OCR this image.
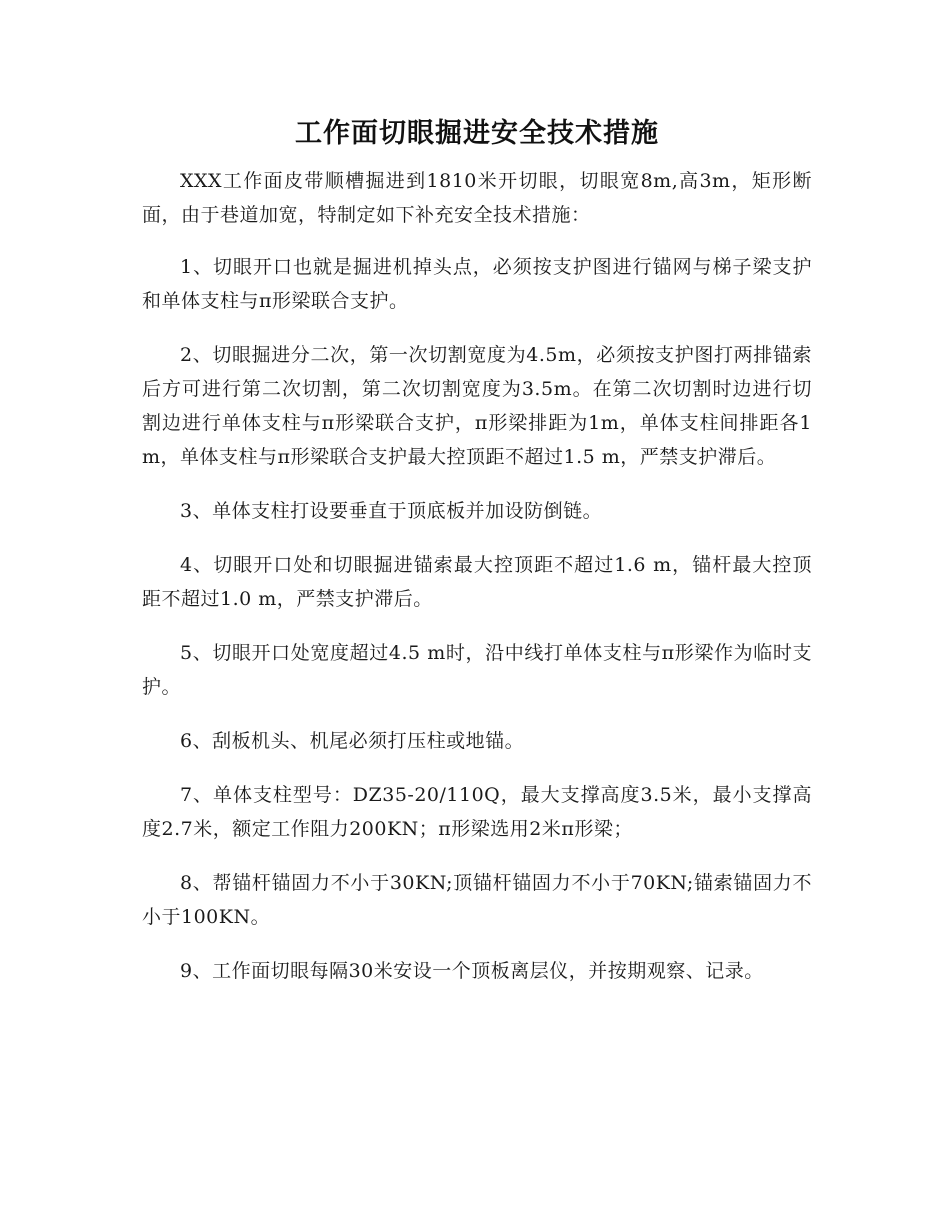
工作面切眼掘进安全技术措施

XXX工作面皮带顺槽掘进到1810米开切眼，切眼宽8m,高3m，矩形断面，由于巷道加宽，特制定如下补充安全技术措施：

1、切眼开口也就是掘进机掉头点，必须按支护图进行锚网与梯子梁支护和单体支柱与π形梁联合支护。

2、切眼掘进分二次，第一次切割宽度为4.5m，必须按支护图打两排锚索后方可进行第二次切割，第二次切割宽度为3.5m。在第二次切割时边进行切割边进行单体支柱与π形梁联合支护，π形梁排距为1m，单体支柱间排距各1 m，单体支柱与π形梁联合支护最大控顶距不超过1.5 m，严禁支护滞后。

3、单体支柱打设要垂直于顶底板并加设防倒链。

4、切眼开口处和切眼掘进锚索最大控顶距不超过1.6 m，锚杆最大控顶距不超过1.0 m，严禁支护滞后。

5、切眼开口处宽度超过4.5 m时，沿中线打单体支柱与π形梁作为临时支护。

6、刮板机头、机尾必须打压柱或地锚。

7、单体支柱型号：DZ35-20/110Q，最大支撑高度3.5米，最小支撑高度2.7米，额定工作阻力200KN；π形梁选用2米π形梁；

8、帮锚杆锚固力不小于30KN;顶锚杆锚固力不小于70KN;锚索锚固力不小于100KN。

9、工作面切眼每隔30米安设一个顶板离层仪，并按期观察、记录。
